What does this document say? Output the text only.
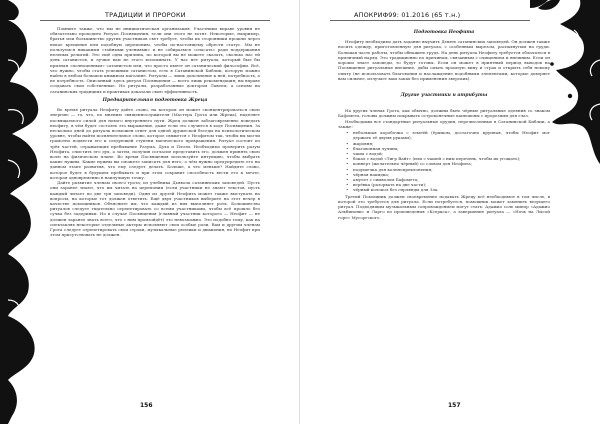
ТРАДИЦИИ И ПРОРОКИ

Помните также, что мы не инициатическая организация. Участники вправе уровня не обязательно проходить Ритуал Посвящения, если они этого не хотят. Некоторые, например, братья или большинство других участников свет требует, чтобы их сторонники прошли через некое крещение или подобную церемонию, чтобы по-настоящему обрести статус. Мы не пользуемся никакими «тайными учениями» и не собираемся «спасать» ради поддержания нелепых религий. Это ещё одна причина, по которой вы не можете сказать, сколько нас ей день сатанистов, и лучше вам не этого вспоминать. У нас нет ритуала, который был бы признан «полноценным» сатанистом или, что просто имеет он сатанический философии. Всё, что нужно, чтобы стать успешным сатанистом, есть в Сатанинской Библии, которую можно найти в любом большом книжном магазине. Ритуалы — лишь дополнение к ней, потребность, а не потребность. Описанный здесь ритуал Посвящения — всего лишь рекомендация; вы вправе создавать свои собственные. Но ритуалы, разработанные доктором Лавеем, а основы на сатанинских традициях и практиках доказали свою эффективность.

Предварительная подготовка Жреца

Во время ритуала Неофиту дайте слово, на котором он может сконцентрироваться свою энергию — то, что, по мнению священнослужителя (Мастера Грота или Жреца), наделяет посвящаемого силой для нового внутреннего пути. Жрец должен заблаговременно поведать неофиту, в чём будет состоять это выражение, даже если это случится в ходе Посвящения. За несколько дней до ритуала возможен ответ для одной дружеской беседы на психологическом уровне, чтобы найти посвятительное слово, которое свяжется с Неофитом так, чтобы вы могли грамотно подвести его к следующей ступени магического превращения. Ритуал состоит из трёх частей, отражающих пребывание Разума, Духа и Плоти. Необходимо проверить разум Неофита, очистить его дух, а затем, получив согласие представить его, должен принять свою волю на физическом плане. Во время Посвящения используйте интуицию, чтобы выбрать какие нужны. Какие нужны вы сможете записать для него, о чём нужно предупредить его на данном этапе развития, что ему следует делать. Больше, а что меньше? Найдите слово, которое будет в будущем пребывать и при этом сохранит способность вести его к мечте, которая одновременно в наилучшую точку.

Дайте развитие членам своего грота; из учебника Дьявола сатанинских заповедей. Пусть они заранее знают, что им читать на церемонии (если участники не знают текстов, пусть каждый читает по две три заповеди). Один из друзей Неофита может также выступать на вопросы, на которые тот должен ответить. Ещё двух участников выберите на этот вечер в качестве помощников. Объясните им, что каждый из них выполняет роль. Большинство ритуалов следует тщательно отрепетировать со всеми участниками, чтобы всё прошло без сучка без задоринки. Но в случае Посвящения (главный участник которого — Неофит — не должен заранее знать всего, что с ним произойдёт) это невозможно. Это подобно тому, как на спектаклях некоторые отдельные актеры исполняют свои особые роли. Вам и другим членам Грота следует отрепетировать свои строки, музыкальные реплики и движения, но Неофит при этом присутствовать не должен.

156
АПОКРИФ99: 01.2016 (65 т.н.)
Подготовка Неофита

Неофиту необходимо дать задание выучить Девять сатанинских заповедей. Он должен также носить одежду, приготовленную для ритуала, с особенным вырезом, распахнутым на груди. Большая часть работы, чтобы обнажить грудь. На день ритуала Неофиту требуется облачаться в приличный наряд. Это традиционно по причинам, связанным с очищением и внешним. Если он хорошо знает заповеди, то будут готовы. Если он может в приятный период выходов на Посвящение ритуальные внешние, дабы смыть прошлую вину и страх и открыть себя новому опыту (не использовать благовония и наслаждение подобными элементами, которые доверяет вам сильнее, излучает ваш запах без применения зверских).

Другие участники и атрибуты

На других членах Грота, как обычно, должны быть чёрные ритуальные одеяния со знаком Бафомета, головы должны покрывать остроконечные капюшоны с прорезями для глаз.

Необходимы все стандартные ритуальные орудия, перечисленные в Сатанинской Библии, а также:

• небольшая коробочка с землёй (ёршком, достаточно крупная, чтобы Неофит мог держать её двумя руками);
• жаровня;
• благовонная лучина;
• чаша с водой;
• бокал с водой «Тигр Вайт» (или с чашей с ним перечень, чтобы их угощать);
• конверт (желательно чёрный) со словом для Неофита;
• подушечка для коленопреклонения;
• чёрная накидка;
• амулет с символом Бафомета;
• верёвка (разорвать на две части);
• чёрный колокол без гирлянды для Зла.

Третий Помощник должен своевременно подавать Жрецу всё необходимое в том числе, в которой это требуется для ритуала. Если потребуется, помощник может заменить ведущего ритуал. Подходящим музыкальным сопровождением могут стать: Адажио соль минор «Адажио Альбинони» и Ларго из произведения «Ксеркса», а завершение ритуала — «Ночь на Лысой горе» Мусоргского.

157
